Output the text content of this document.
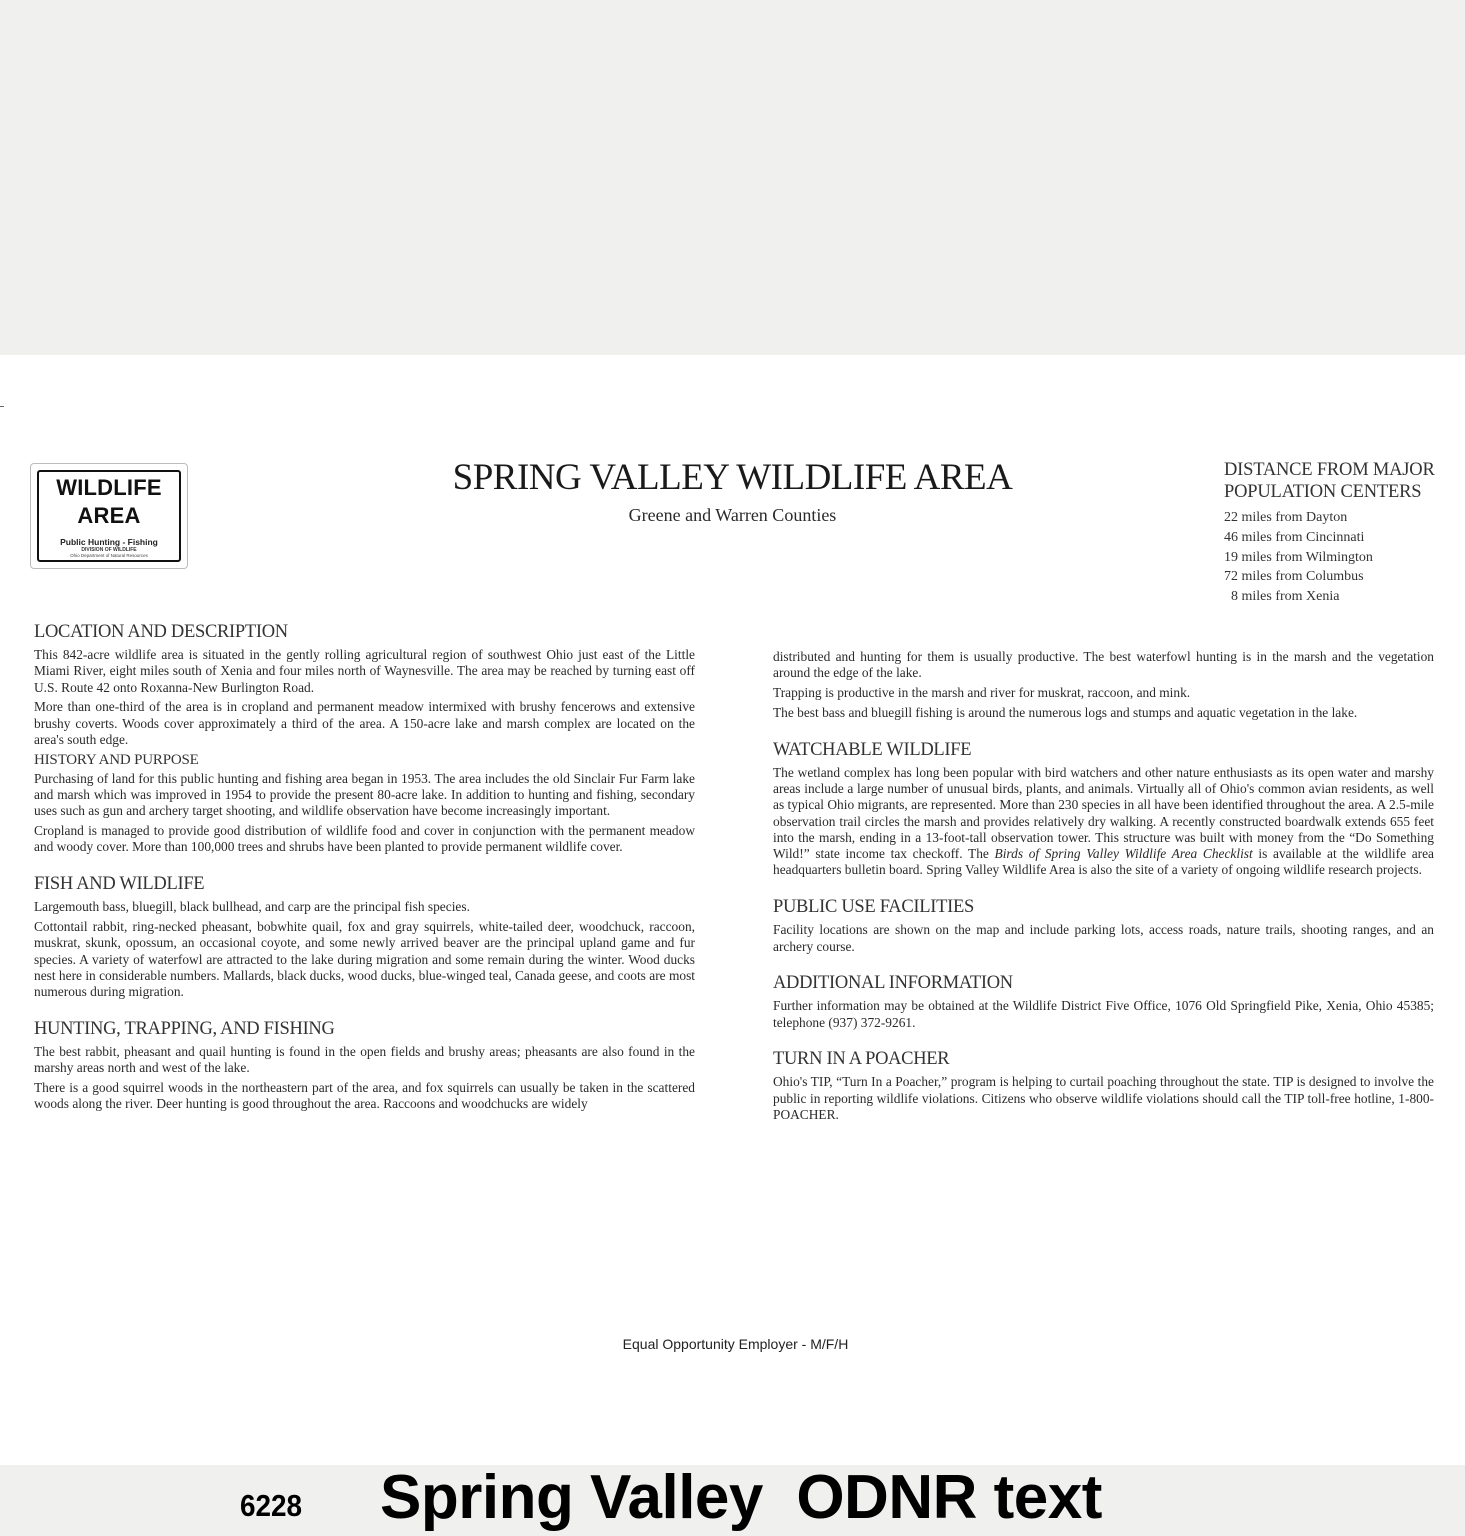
WILDLIFE
AREA
Public Hunting - Fishing
DIVISION OF WILDLIFE
Ohio Department of Natural Resources
SPRING VALLEY WILDLIFE AREA
Greene and Warren Counties
DISTANCE FROM MAJOR
POPULATION CENTERS
22 miles from Dayton
46 miles from Cincinnati
19 miles from Wilmington
72 miles from Columbus
8 miles from Xenia
LOCATION AND DESCRIPTION

This 842-acre wildlife area is situated in the gently rolling agricultural region of southwest Ohio just east of the Little Miami River, eight miles south of Xenia and four miles north of Waynesville. The area may be reached by turning east off U.S. Route 42 onto Roxanna-New Burlington Road.

More than one-third of the area is in cropland and permanent meadow intermixed with brushy fencerows and extensive brushy coverts. Woods cover approximately a third of the area. A 150-acre lake and marsh complex are located on the area's south edge.

HISTORY AND PURPOSE

Purchasing of land for this public hunting and fishing area began in 1953. The area includes the old Sinclair Fur Farm lake and marsh which was improved in 1954 to provide the present 80-acre lake. In addition to hunting and fishing, secondary uses such as gun and archery target shooting, and wildlife observation have become increasingly important.

Cropland is managed to provide good distribution of wildlife food and cover in conjunction with the permanent meadow and woody cover. More than 100,000 trees and shrubs have been planted to provide permanent wildlife cover.

FISH AND WILDLIFE

Largemouth bass, bluegill, black bullhead, and carp are the principal fish species.

Cottontail rabbit, ring-necked pheasant, bobwhite quail, fox and gray squirrels, white-tailed deer, woodchuck, raccoon, muskrat, skunk, opossum, an occasional coyote, and some newly arrived beaver are the principal upland game and fur species. A variety of waterfowl are attracted to the lake during migration and some remain during the winter. Wood ducks nest here in considerable numbers. Mallards, black ducks, wood ducks, blue-winged teal, Canada geese, and coots are most numerous during migration.

HUNTING, TRAPPING, AND FISHING

The best rabbit, pheasant and quail hunting is found in the open fields and brushy areas; pheasants are also found in the marshy areas north and west of the lake.

There is a good squirrel woods in the northeastern part of the area, and fox squirrels can usually be taken in the scattered woods along the river. Deer hunting is good throughout the area. Raccoons and woodchucks are widely

distributed and hunting for them is usually productive. The best waterfowl hunting is in the marsh and the vegetation around the edge of the lake.

Trapping is productive in the marsh and river for muskrat, raccoon, and mink.

The best bass and bluegill fishing is around the numerous logs and stumps and aquatic vegetation in the lake.

WATCHABLE WILDLIFE

The wetland complex has long been popular with bird watchers and other nature enthusiasts as its open water and marshy areas include a large number of unusual birds, plants, and animals. Virtually all of Ohio's common avian residents, as well as typical Ohio migrants, are represented. More than 230 species in all have been identified throughout the area. A 2.5-mile observation trail circles the marsh and provides relatively dry walking. A recently constructed boardwalk extends 655 feet into the marsh, ending in a 13-foot-tall observation tower. This structure was built with money from the “Do Something Wild!” state income tax checkoff. The Birds of Spring Valley Wildlife Area Checklist is available at the wildlife area headquarters bulletin board. Spring Valley Wildlife Area is also the site of a variety of ongoing wildlife research projects.

PUBLIC USE FACILITIES

Facility locations are shown on the map and include parking lots, access roads, nature trails, shooting ranges, and an archery course.

ADDITIONAL INFORMATION

Further information may be obtained at the Wildlife District Five Office, 1076 Old Springfield Pike, Xenia, Ohio 45385; telephone (937) 372-9261.

TURN IN A POACHER

Ohio's TIP, “Turn In a Poacher,” program is helping to curtail poaching throughout the state. TIP is designed to involve the public in reporting wildlife violations. Citizens who observe wildlife violations should call the TIP toll-free hotline, 1-800-POACHER.

Equal Opportunity Employer - M/F/H
6228 Spring Valley  ODNR text
